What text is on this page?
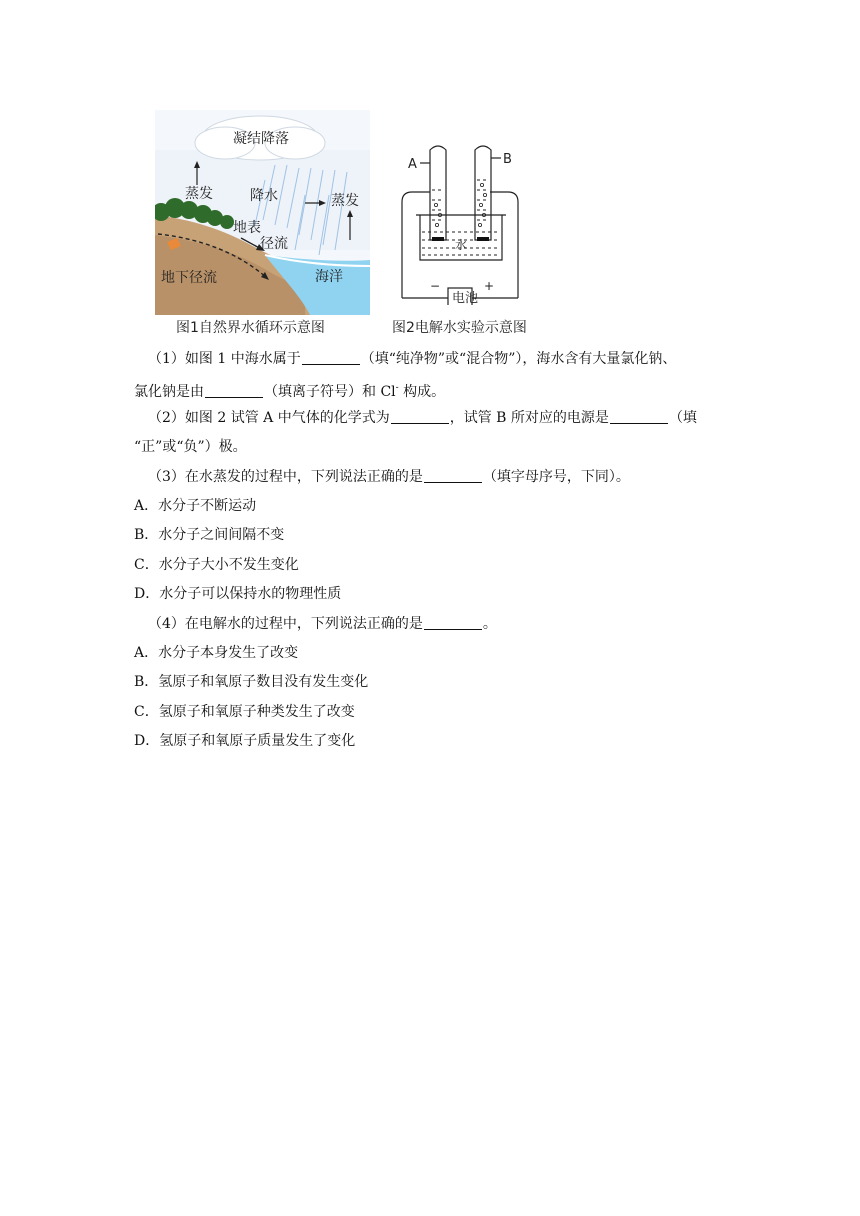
凝结降落
蒸发	降水	蒸发
地表
径流
地下径流	海洋
图1自然界水循环示意图
A	B
水
电池
−	+
图2电解水实验示意图
（1）如图 1 中海水属于	（填“纯净物”或“混合物”），海水含有大量氯化钠、
氯化钠是由	（填离子符号）和 Cl- 构成。
（2）如图 2 试管 A 中气体的化学式为	，试管 B 所对应的电源是	（填
“正”或“负”）极。
（3）在水蒸发的过程中，下列说法正确的是	（填字母序号，下同）。
A．水分子不断运动
B．水分子之间间隔不变
C．水分子大小不发生变化
D．水分子可以保持水的物理性质
（4）在电解水的过程中，下列说法正确的是	。
A．水分子本身发生了改变
B．氢原子和氧原子数目没有发生变化
C．氢原子和氧原子种类发生了改变
D．氢原子和氧原子质量发生了变化
